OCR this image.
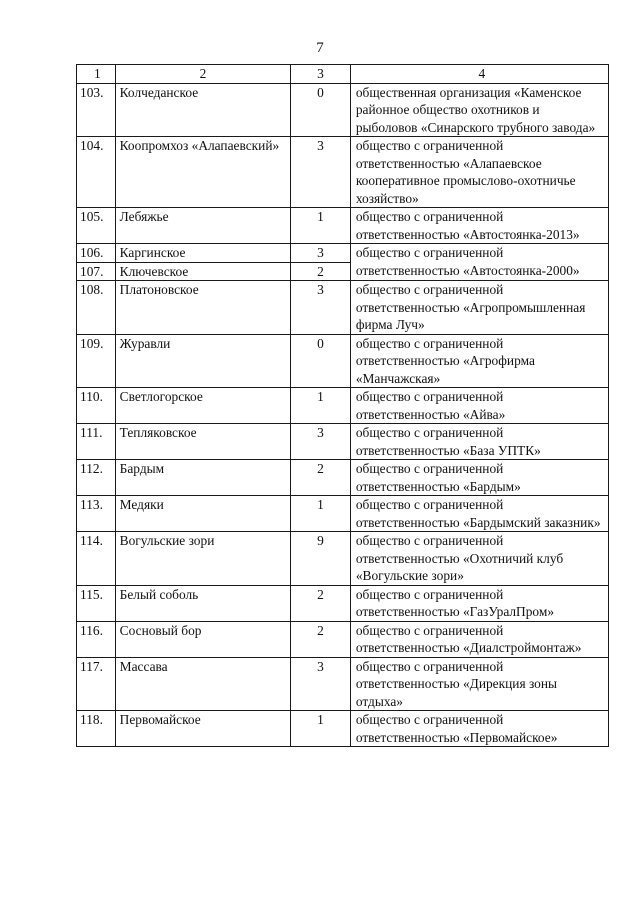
7
1	2	3	4
103.	Колчеданское	0	общественная организация «Каменское районное общество охотников и рыболовов «Синарского трубного завода»
104.	Коопромхоз «Алапаевский»	3	общество с ограниченной ответственностью «Алапаевское кооперативное промыслово-охотничье хозяйство»
105.	Лебяжье	1	общество с ограниченной ответственностью «Автостоянка-2013»
106.	Каргинское	3	общество с ограниченной ответственностью «Автостоянка-2000»
107.	Ключевское	2	
108.	Платоновское	3	общество с ограниченной ответственностью «Агропромышленная фирма Луч»
109.	Журавли	0	общество с ограниченной ответственностью «Агрофирма «Манчажская»
110.	Светлогорское	1	общество с ограниченной ответственностью «Айва»
111.	Тепляковское	3	общество с ограниченной ответственностью «База УПТК»
112.	Бардым	2	общество с ограниченной ответственностью «Бардым»
113.	Медяки	1	общество с ограниченной ответственностью «Бардымский заказник»
114.	Вогульские зори	9	общество с ограниченной ответственностью «Охотничий клуб «Вогульские зори»
115.	Белый соболь	2	общество с ограниченной ответственностью «ГазУралПром»
116.	Сосновый бор	2	общество с ограниченной ответственностью «Диалстроймонтаж»
117.	Массава	3	общество с ограниченной ответственностью «Дирекция зоны отдыха»
118.	Первомайское	1	общество с ограниченной ответственностью «Первомайское»
